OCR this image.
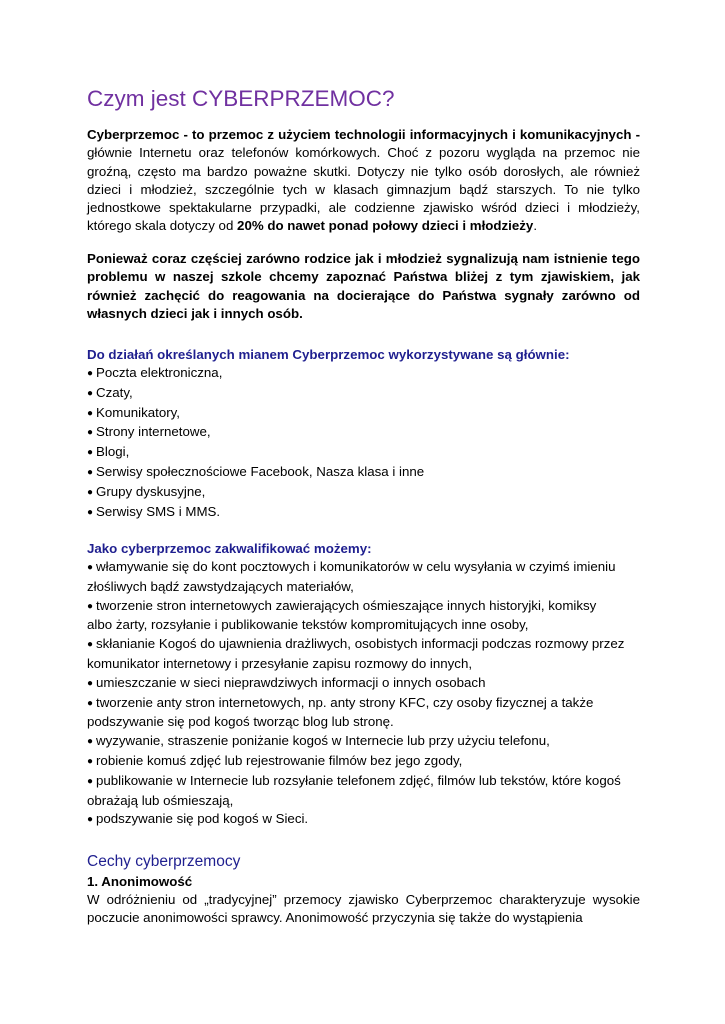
Czym jest CYBERPRZEMOC?

Cyberprzemoc - to przemoc z użyciem technologii informacyjnych i komunikacyjnych - głównie Internetu oraz telefonów komórkowych. Choć z pozoru wygląda na przemoc nie groźną, często ma bardzo poważne skutki. Dotyczy nie tylko osób dorosłych, ale również dzieci i młodzież, szczególnie tych w klasach gimnazjum bądź starszych. To nie tylko jednostkowe spektakularne przypadki, ale codzienne zjawisko wśród dzieci i młodzieży, którego skala dotyczy od 20% do nawet ponad połowy dzieci i młodzieży.

Ponieważ coraz częściej zarówno rodzice jak i młodzież sygnalizują nam istnienie tego problemu w naszej szkole chcemy zapoznać Państwa bliżej z tym zjawiskiem, jak również zachęcić do reagowania na docierające do Państwa sygnały zarówno od własnych dzieci jak i innych osób.

Do działań określanych mianem Cyberprzemoc wykorzystywane są głównie:

● Poczta elektroniczna,
● Czaty,
● Komunikatory,
● Strony internetowe,
● Blogi,
● Serwisy społecznościowe Facebook, Nasza klasa i inne
● Grupy dyskusyjne,
● Serwisy SMS i MMS.

Jako cyberprzemoc zakwalifikować możemy:

● włamywanie się do kont pocztowych i komunikatorów w celu wysyłania w czyimś imieniu
złośliwych bądź zawstydzających materiałów,
● tworzenie stron internetowych zawierających ośmieszające innych historyjki, komiksy
albo żarty, rozsyłanie i publikowanie tekstów kompromitujących inne osoby,
● skłanianie Kogoś do ujawnienia drażliwych, osobistych informacji podczas rozmowy przez
komunikator internetowy i przesyłanie zapisu rozmowy do innych,
● umieszczanie w sieci nieprawdziwych informacji o innych osobach
● tworzenie anty stron internetowych, np. anty strony KFC, czy osoby fizycznej a także
podszywanie się pod kogoś tworząc blog lub stronę.
● wyzywanie, straszenie poniżanie kogoś w Internecie lub przy użyciu telefonu,
● robienie komuś zdjęć lub rejestrowanie filmów bez jego zgody,
● publikowanie w Internecie lub rozsyłanie telefonem zdjęć, filmów lub tekstów, które kogoś
obrażają lub ośmieszają,
● podszywanie się pod kogoś w Sieci.
Cechy cyberprzemocy
1. Anonimowość

W odróżnieniu od „tradycyjnej” przemocy zjawisko Cyberprzemoc charakteryzuje wysokie poczucie anonimowości sprawcy. Anonimowość przyczynia się także do wystąpienia
